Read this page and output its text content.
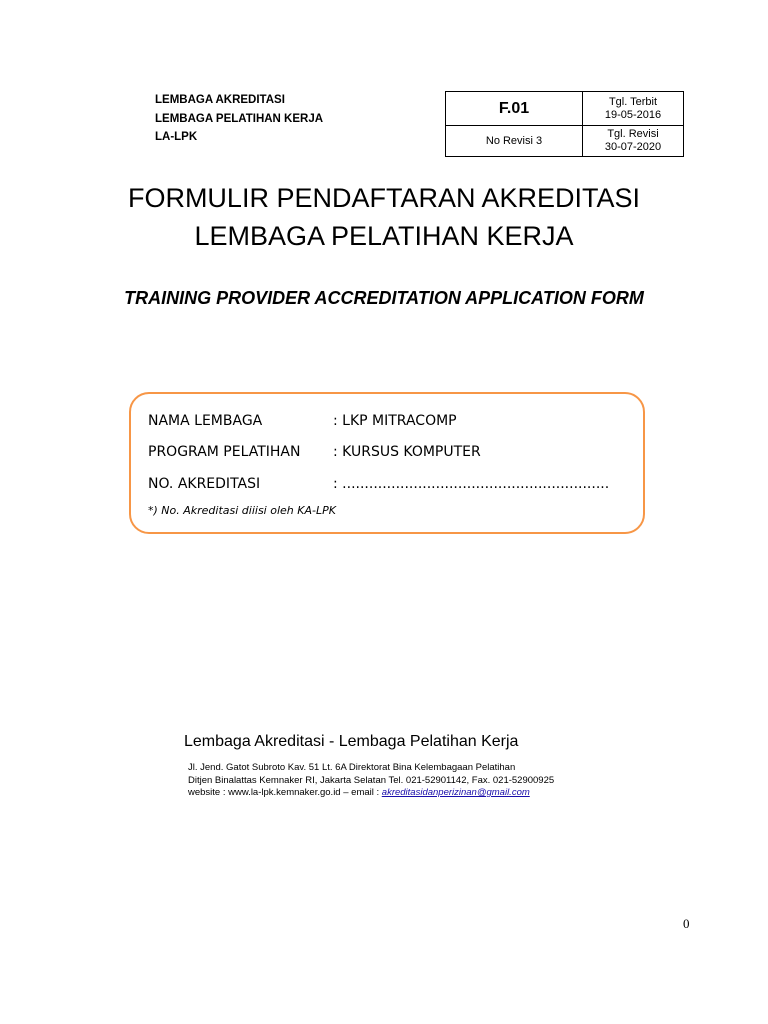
LEMBAGA AKREDITASI
LEMBAGA PELATIHAN KERJA
LA-LPK
F.01	Tgl. Terbit
19-05-2016

No Revisi 3	Tgl. Revisi
30-07-2020
FORMULIR PENDAFTARAN AKREDITASI
LEMBAGA PELATIHAN KERJA
TRAINING PROVIDER ACCREDITATION APPLICATION FORM
NAMA LEMBAGA	: LKP MITRACOMP
PROGRAM PELATIHAN : KURSUS KOMPUTER
NO. AKREDITASI	: ............................................................
*) No. Akreditasi diiisi oleh KA-LPK
Lembaga Akreditasi - Lembaga Pelatihan Kerja
Jl. Jend. Gatot Subroto Kav. 51 Lt. 6A Direktorat Bina Kelembagaan Pelatihan
Ditjen Binalattas Kemnaker RI, Jakarta Selatan Tel. 021-52901142, Fax. 021-52900925
website : www.la-lpk.kemnaker.go.id – email : akreditasidanperizinan@gmail.com
0
